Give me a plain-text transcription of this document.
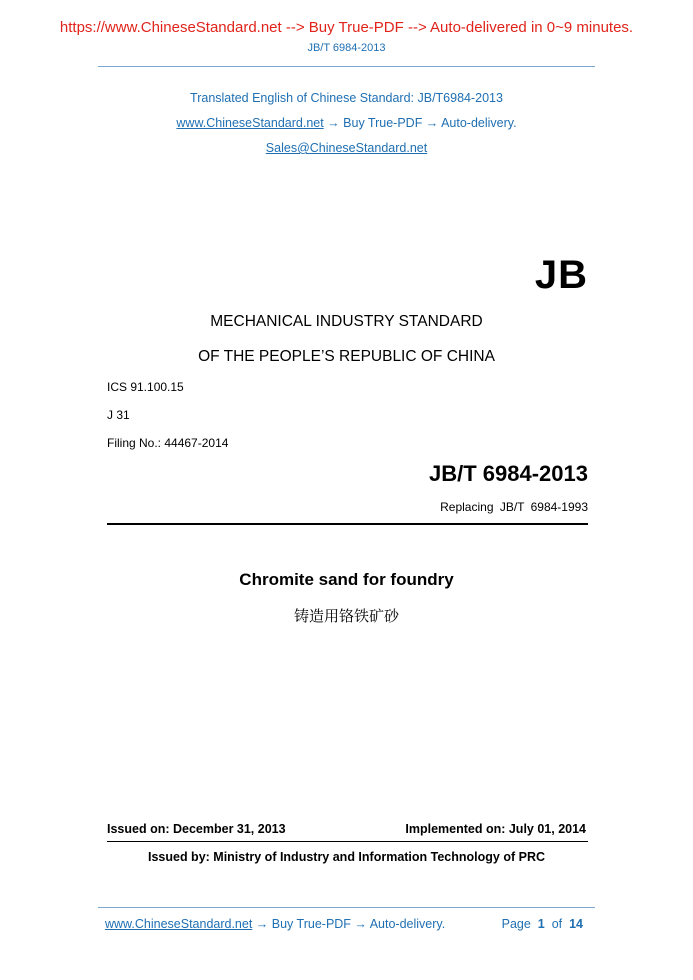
https://www.ChineseStandard.net --> Buy True-PDF --> Auto-delivered in 0~9 minutes.
JB/T 6984-2013
Translated English of Chinese Standard: JB/T6984-2013
www.ChineseStandard.net → Buy True-PDF → Auto-delivery.
Sales@ChineseStandard.net
JB
MECHANICAL INDUSTRY STANDARD
OF THE PEOPLE’S REPUBLIC OF CHINA
ICS 91.100.15
J 31
Filing No.: 44467-2014
JB/T 6984-2013
Replacing JB/T 6984-1993
Chromite sand for foundry
铸造用铬铁矿砂
Issued on: December 31, 2013	Implemented on: July 01, 2014
Issued by: Ministry of Industry and Information Technology of PRC
www.ChineseStandard.net → Buy True-PDF → Auto-delivery.	Page 1 of 14
